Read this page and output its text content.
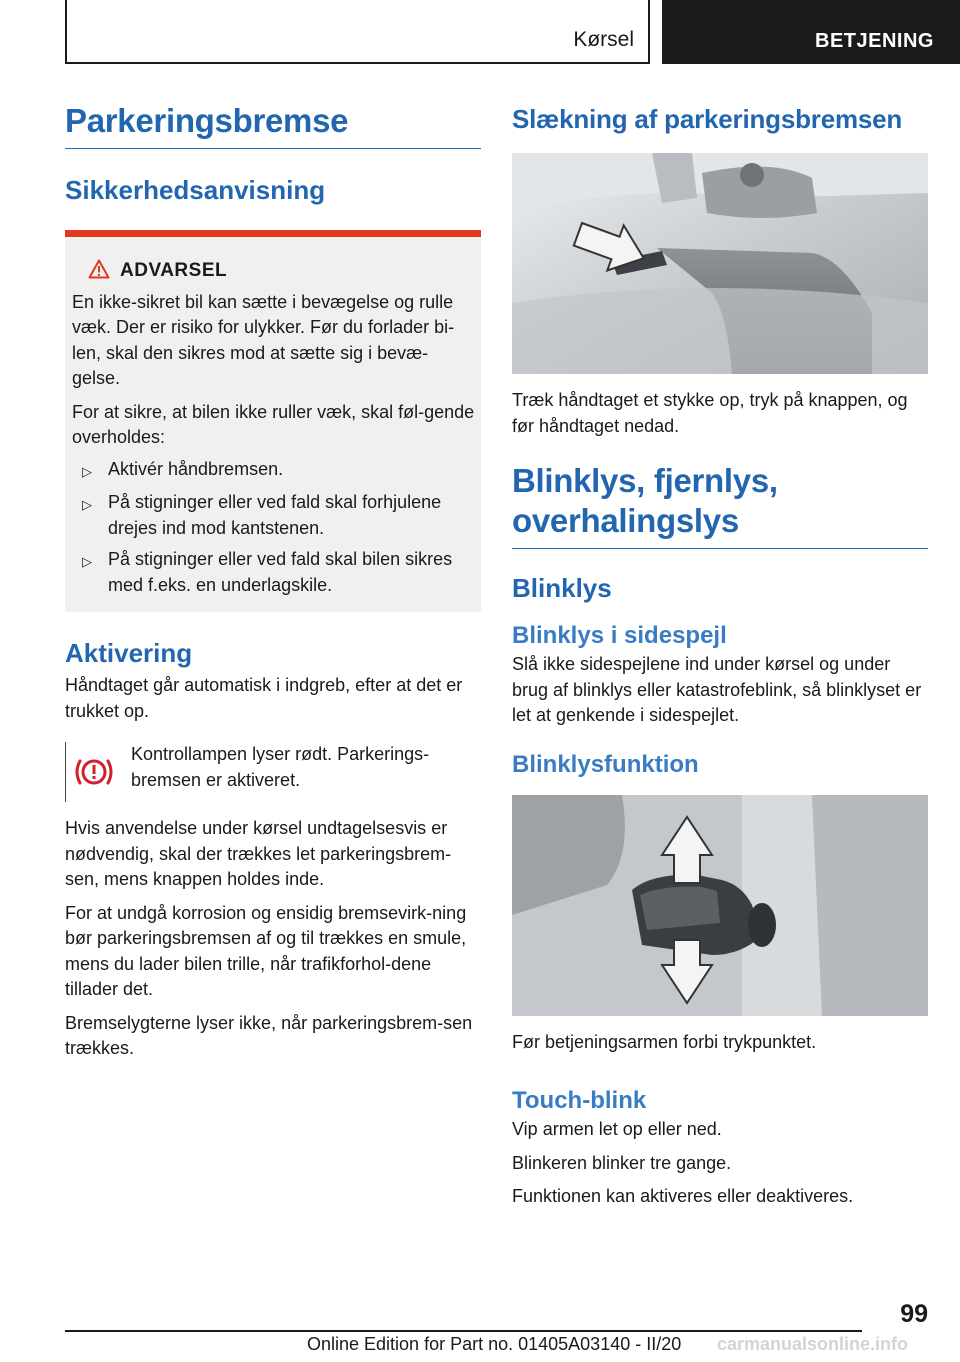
Kørsel	BETJENING
Parkeringsbremse
Sikkerhedsanvisning
ADVARSEL

En ikke-sikret bil kan sætte i bevægelse og rulle væk. Der er risiko for ulykker. Før du forlader bi-len, skal den sikres mod at sætte sig i bevæ-gelse.

For at sikre, at bilen ikke ruller væk, skal føl-gende overholdes:

▷ Aktivér håndbremsen.
▷ På stigninger eller ved fald skal forhjulene drejes ind mod kantstenen.
▷ På stigninger eller ved fald skal bilen sikres med f.eks. en underlagskile.
Aktivering

Håndtaget går automatisk i indgreb, efter at det er trukket op.

Kontrollampen lyser rødt. Parkerings-bremsen er aktiveret.

Hvis anvendelse under kørsel undtagelsesvis er nødvendig, skal der trækkes let parkeringsbrem-sen, mens knappen holdes inde.

For at undgå korrosion og ensidig bremsevirk-ning bør parkeringsbremsen af og til trækkes en smule, mens du lader bilen trille, når trafikforhol-dene tillader det.

Bremselygterne lyser ikke, når parkeringsbrem-sen trækkes.

Slækning af parkeringsbremsen

Træk håndtaget et stykke op, tryk på knappen, og før håndtaget nedad.

Blinklys, fjernlys, overhalingslys
Blinklys
Blinklys i sidespejl

Slå ikke sidespejlene ind under kørsel og under brug af blinklys eller katastrofeblink, så blinklyset er let at genkende i sidespejlet.

Blinklysfunktion

Før betjeningsarmen forbi trykpunktet.

Touch-blink

Vip armen let op eller ned.

Blinkeren blinker tre gange.

Funktionen kan aktiveres eller deaktiveres.

99
Online Edition for Part no. 01405A03140 - II/20 carmanualsonline.info
